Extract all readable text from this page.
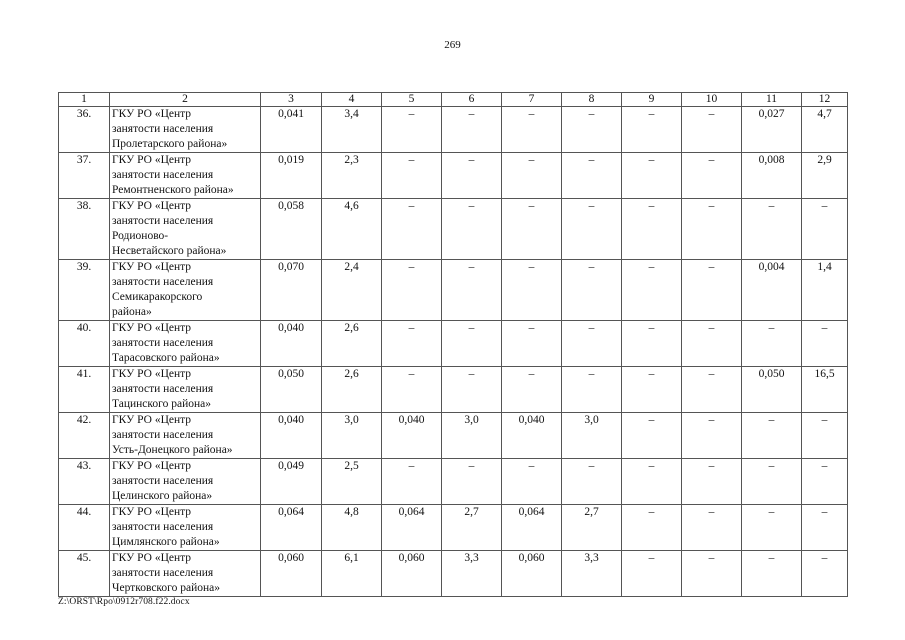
269
1	2	3	4	5	6	7	8	9	10	11	12
36.	ГКУ РО «Центр
занятости населения
Пролетарского района»	0,041	3,4	–	–	–	–	–	–	0,027	4,7
37.	ГКУ РО «Центр
занятости населения
Ремонтненского района»	0,019	2,3	–	–	–	–	–	–	0,008	2,9
38.	ГКУ РО «Центр
занятости населения
Родионово-
Несветайского района»	0,058	4,6	–	–	–	–	–	–	–	–
39.	ГКУ РО «Центр
занятости населения
Семикаракорского
района»	0,070	2,4	–	–	–	–	–	–	0,004	1,4
40.	ГКУ РО «Центр
занятости населения
Тарасовского района»	0,040	2,6	–	–	–	–	–	–	–	–
41.	ГКУ РО «Центр
занятости населения
Тацинского района»	0,050	2,6	–	–	–	–	–	–	0,050	16,5
42.	ГКУ РО «Центр
занятости населения
Усть-Донецкого района»	0,040	3,0	0,040	3,0	0,040	3,0	–	–	–	–
43.	ГКУ РО «Центр
занятости населения
Целинского района»	0,049	2,5	–	–	–	–	–	–	–	–
44.	ГКУ РО «Центр
занятости населения
Цимлянского района»	0,064	4,8	0,064	2,7	0,064	2,7	–	–	–	–
45.	ГКУ РО «Центр
занятости населения
Чертковского района»	0,060	6,1	0,060	3,3	0,060	3,3	–	–	–	–
Z:\ORST\Rpo\0912r708.f22.docx
